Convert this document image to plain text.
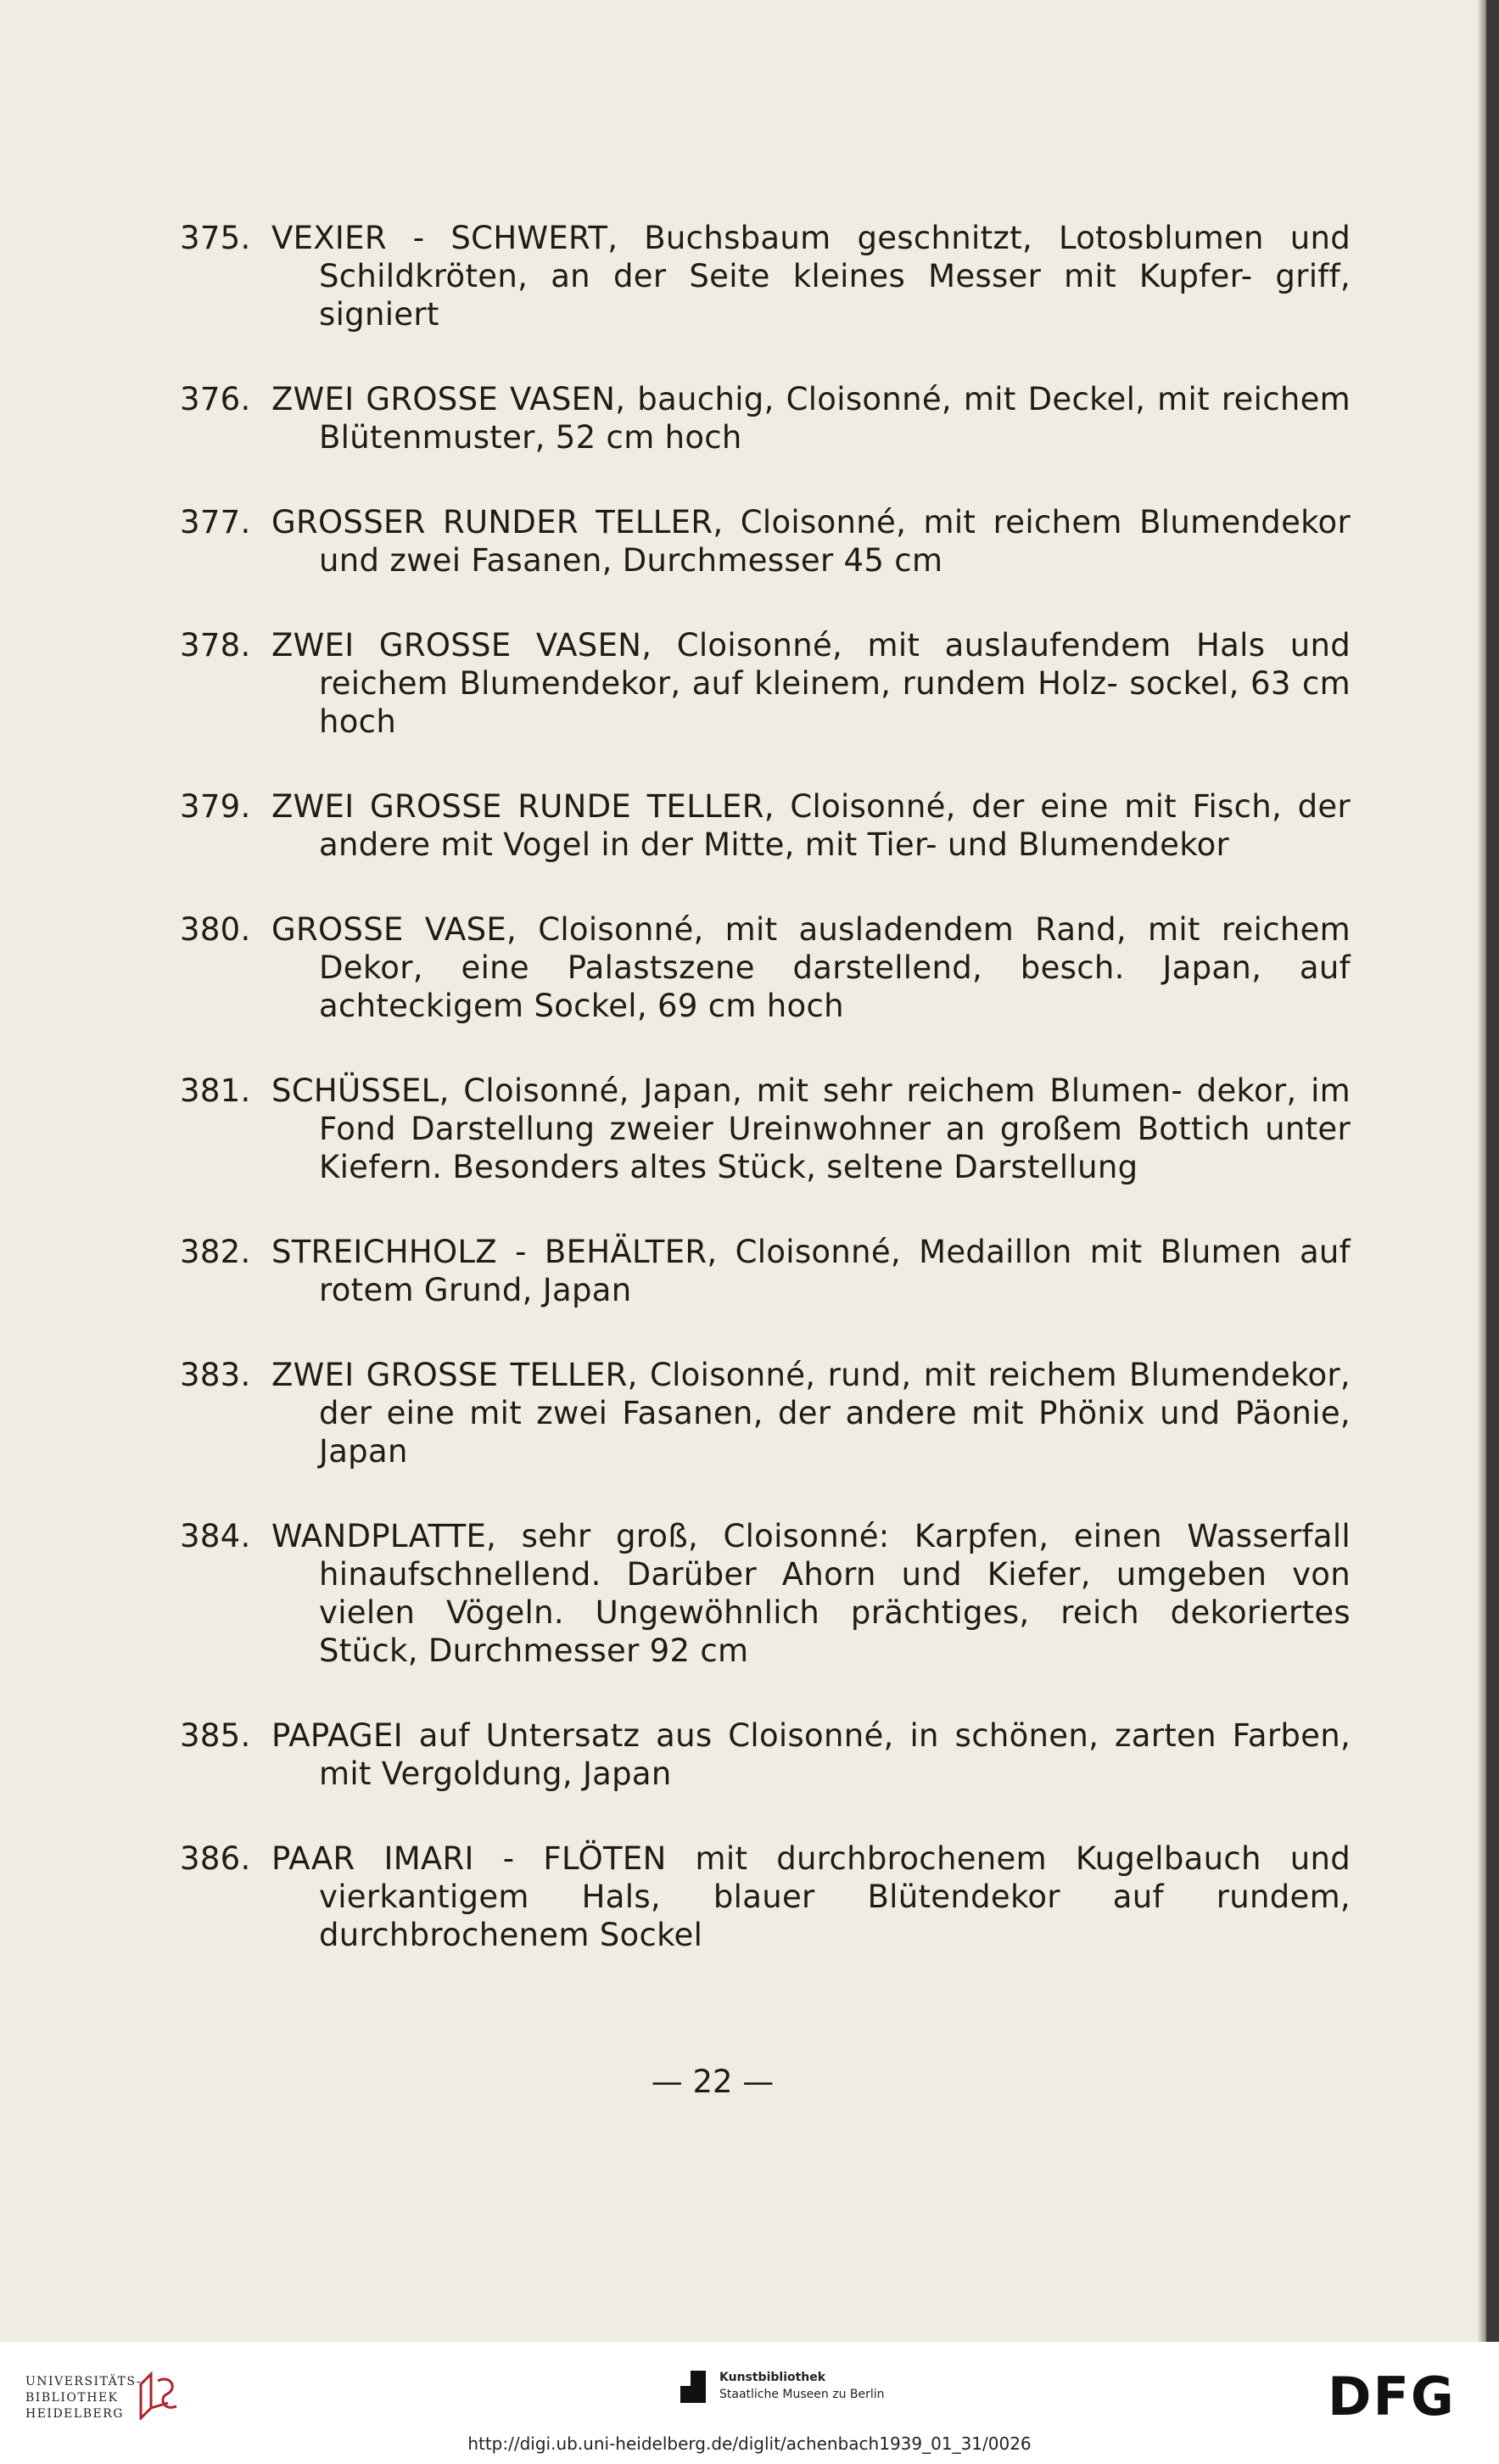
375. VEXIER - SCHWERT, Buchsbaum geschnitzt, Lotosblumen und Schildkröten, an der Seite kleines Messer mit Kupfer- griff, signiert
376. ZWEI GROSSE VASEN, bauchig, Cloisonné, mit Deckel, mit reichem Blütenmuster, 52 cm hoch
377. GROSSER RUNDER TELLER, Cloisonné, mit reichem Blumendekor und zwei Fasanen, Durchmesser 45 cm
378. ZWEI GROSSE VASEN, Cloisonné, mit auslaufendem Hals und reichem Blumendekor, auf kleinem, rundem Holz- sockel, 63 cm hoch
379. ZWEI GROSSE RUNDE TELLER, Cloisonné, der eine mit Fisch, der andere mit Vogel in der Mitte, mit Tier- und Blumendekor
380. GROSSE VASE, Cloisonné, mit ausladendem Rand, mit reichem Dekor, eine Palastszene darstellend, besch. Japan, auf achteckigem Sockel, 69 cm hoch
381. SCHÜSSEL, Cloisonné, Japan, mit sehr reichem Blumen- dekor, im Fond Darstellung zweier Ureinwohner an großem Bottich unter Kiefern. Besonders altes Stück, seltene Darstellung
382. STREICHHOLZ - BEHÄLTER, Cloisonné, Medaillon mit Blumen auf rotem Grund, Japan
383. ZWEI GROSSE TELLER, Cloisonné, rund, mit reichem Blumendekor, der eine mit zwei Fasanen, der andere mit Phönix und Päonie, Japan
384. WANDPLATTE, sehr groß, Cloisonné: Karpfen, einen Wasserfall hinaufschnellend. Darüber Ahorn und Kiefer, umgeben von vielen Vögeln. Ungewöhnlich prächtiges, reich dekoriertes Stück, Durchmesser 92 cm
385. PAPAGEI auf Untersatz aus Cloisonné, in schönen, zarten Farben, mit Vergoldung, Japan
386. PAAR IMARI - FLÖTEN mit durchbrochenem Kugelbauch und vierkantigem Hals, blauer Blütendekor auf rundem, durchbrochenem Sockel
— 22 —
UNIVERSITÄTS-
BIBLIOTHEK
HEIDELBERG
Kunstbibliothek
Staatliche Museen zu Berlin	DFG
http://digi.ub.uni-heidelberg.de/diglit/achenbach1939_01_31/0026
